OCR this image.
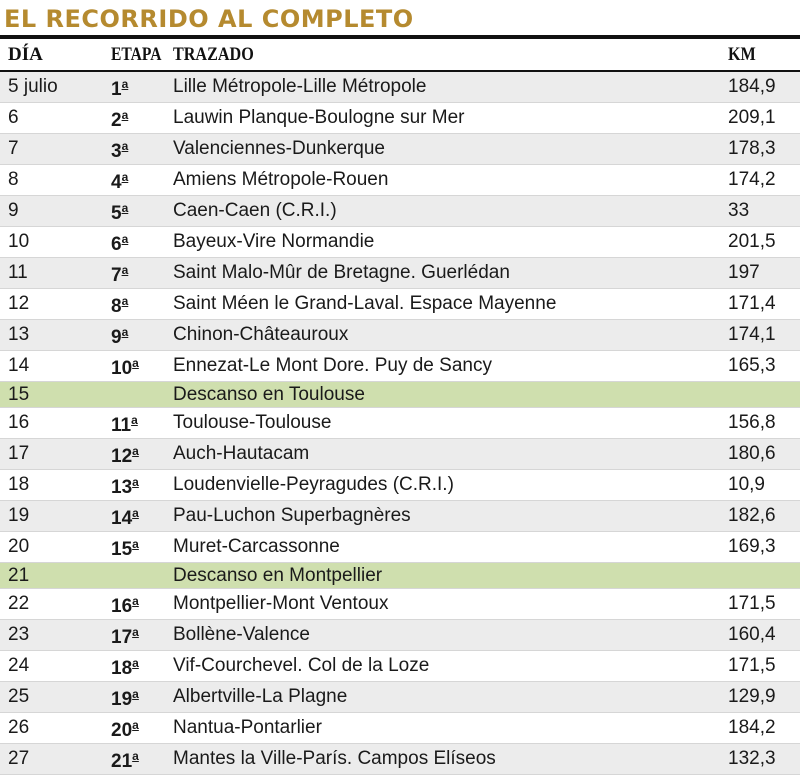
EL RECORRIDO AL COMPLETO
DÍA	ETAPA	TRAZADO	KM
5 julio	1$^a$	Lille Métropole-Lille Métropole	184,9
6	2$^a$	Lauwin Planque-Boulogne sur Mer	209,1
7	3$^a$	Valenciennes-Dunkerque	178,3
8	4$^a$	Amiens Métropole-Rouen	174,2
9	5$^a$	Caen-Caen (C.R.I.)	33
10	6$^a$	Bayeux-Vire Normandie	201,5
11	7$^a$	Saint Malo-Mûr de Bretagne. Guerlédan	197
12	8$^a$	Saint Méen le Grand-Laval. Espace Mayenne	171,4
13	9$^a$	Chinon-Châteauroux	174,1
14	10$^a$	Ennezat-Le Mont Dore. Puy de Sancy	165,3
15		Descanso en Toulouse	
16	11$^a$	Toulouse-Toulouse	156,8
17	12$^a$	Auch-Hautacam	180,6
18	13$^a$	Loudenvielle-Peyragudes (C.R.I.)	10,9
19	14$^a$	Pau-Luchon Superbagnères	182,6
20	15$^a$	Muret-Carcassonne	169,3
21		Descanso en Montpellier	
22	16$^a$	Montpellier-Mont Ventoux	171,5
23	17$^a$	Bollène-Valence	160,4
24	18$^a$	Vif-Courchevel. Col de la Loze	171,5
25	19$^a$	Albertville-La Plagne	129,9
26	20$^a$	Nantua-Pontarlier	184,2
27	21$^a$	Mantes la Ville-París. Campos Elíseos	132,3
